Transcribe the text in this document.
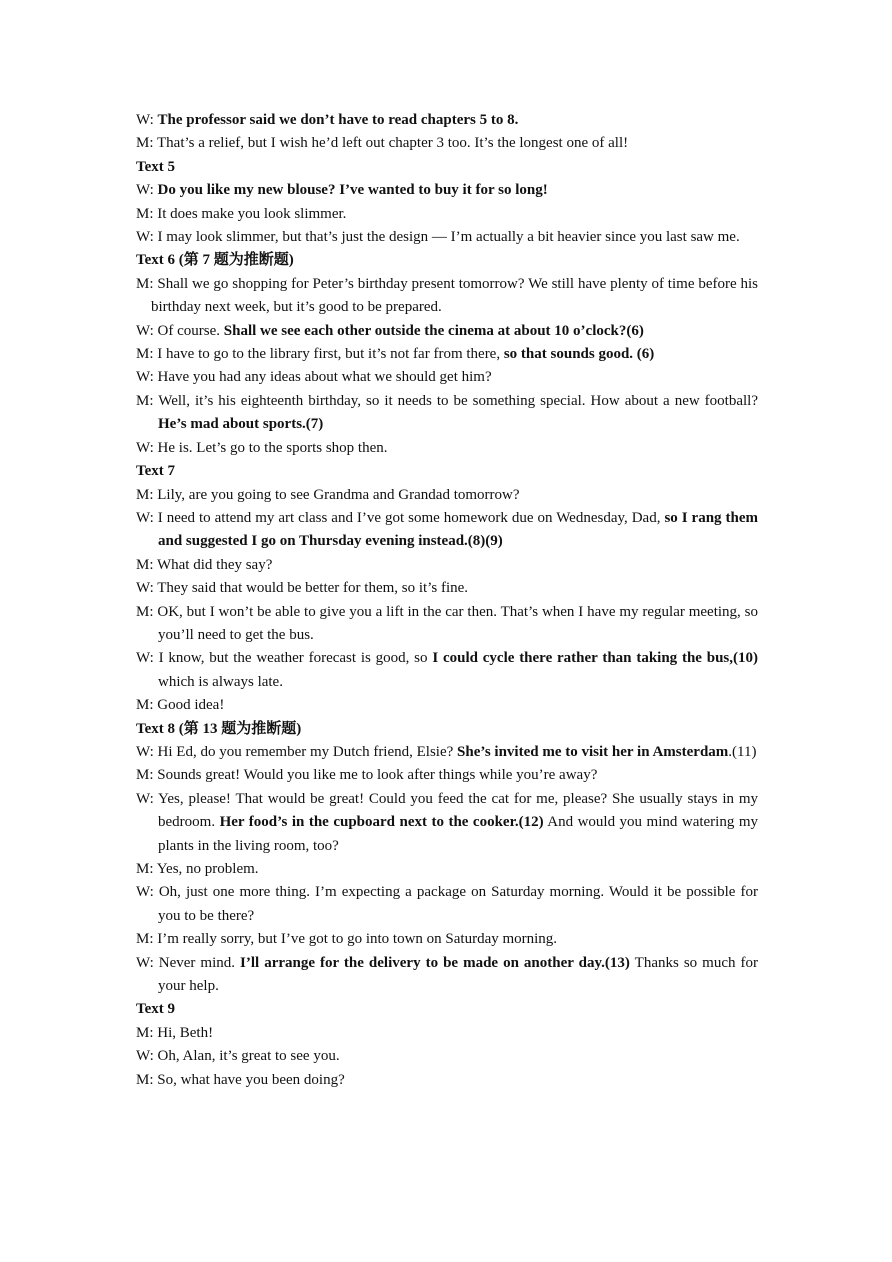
W: The professor said we don’t have to read chapters 5 to 8.

M: That’s a relief, but I wish he’d left out chapter 3 too. It’s the longest one of all!

Text 5

W: Do you like my new blouse? I’ve wanted to buy it for so long!

M: It does make you look slimmer.

W: I may look slimmer, but that’s just the design — I’m actually a bit heavier since you last saw me.

Text 6 (第 7 题为推断题)

M: Shall we go shopping for Peter’s birthday present tomorrow? We still have plenty of time before his birthday next week, but it’s good to be prepared.

W: Of course. Shall we see each other outside the cinema at about 10 o’clock?(6)

M: I have to go to the library first, but it’s not far from there, so that sounds good. (6)

W: Have you had any ideas about what we should get him?

M: Well, it’s his eighteenth birthday, so it needs to be something special. How about a new football? He’s mad about sports.(7)

W: He is. Let’s go to the sports shop then.

Text 7

M: Lily, are you going to see Grandma and Grandad tomorrow?

W: I need to attend my art class and I’ve got some homework due on Wednesday, Dad, so I rang them and suggested I go on Thursday evening instead.(8)(9)

M: What did they say?

W: They said that would be better for them, so it’s fine.

M: OK, but I won’t be able to give you a lift in the car then. That’s when I have my regular meeting, so you’ll need to get the bus.

W: I know, but the weather forecast is good, so I could cycle there rather than taking the bus,(10) which is always late.

M: Good idea!

Text 8 (第 13 题为推断题)

W: Hi Ed, do you remember my Dutch friend, Elsie? She’s invited me to visit her in Amsterdam.(11)

M: Sounds great! Would you like me to look after things while you’re away?

W: Yes, please! That would be great! Could you feed the cat for me, please? She usually stays in my bedroom. Her food’s in the cupboard next to the cooker.(12) And would you mind watering my plants in the living room, too?

M: Yes, no problem.

W: Oh, just one more thing. I’m expecting a package on Saturday morning. Would it be possible for you to be there?

M: I’m really sorry, but I’ve got to go into town on Saturday morning.

W: Never mind. I’ll arrange for the delivery to be made on another day.(13) Thanks so much for your help.

Text 9

M: Hi, Beth!

W: Oh, Alan, it’s great to see you.

M: So, what have you been doing?
